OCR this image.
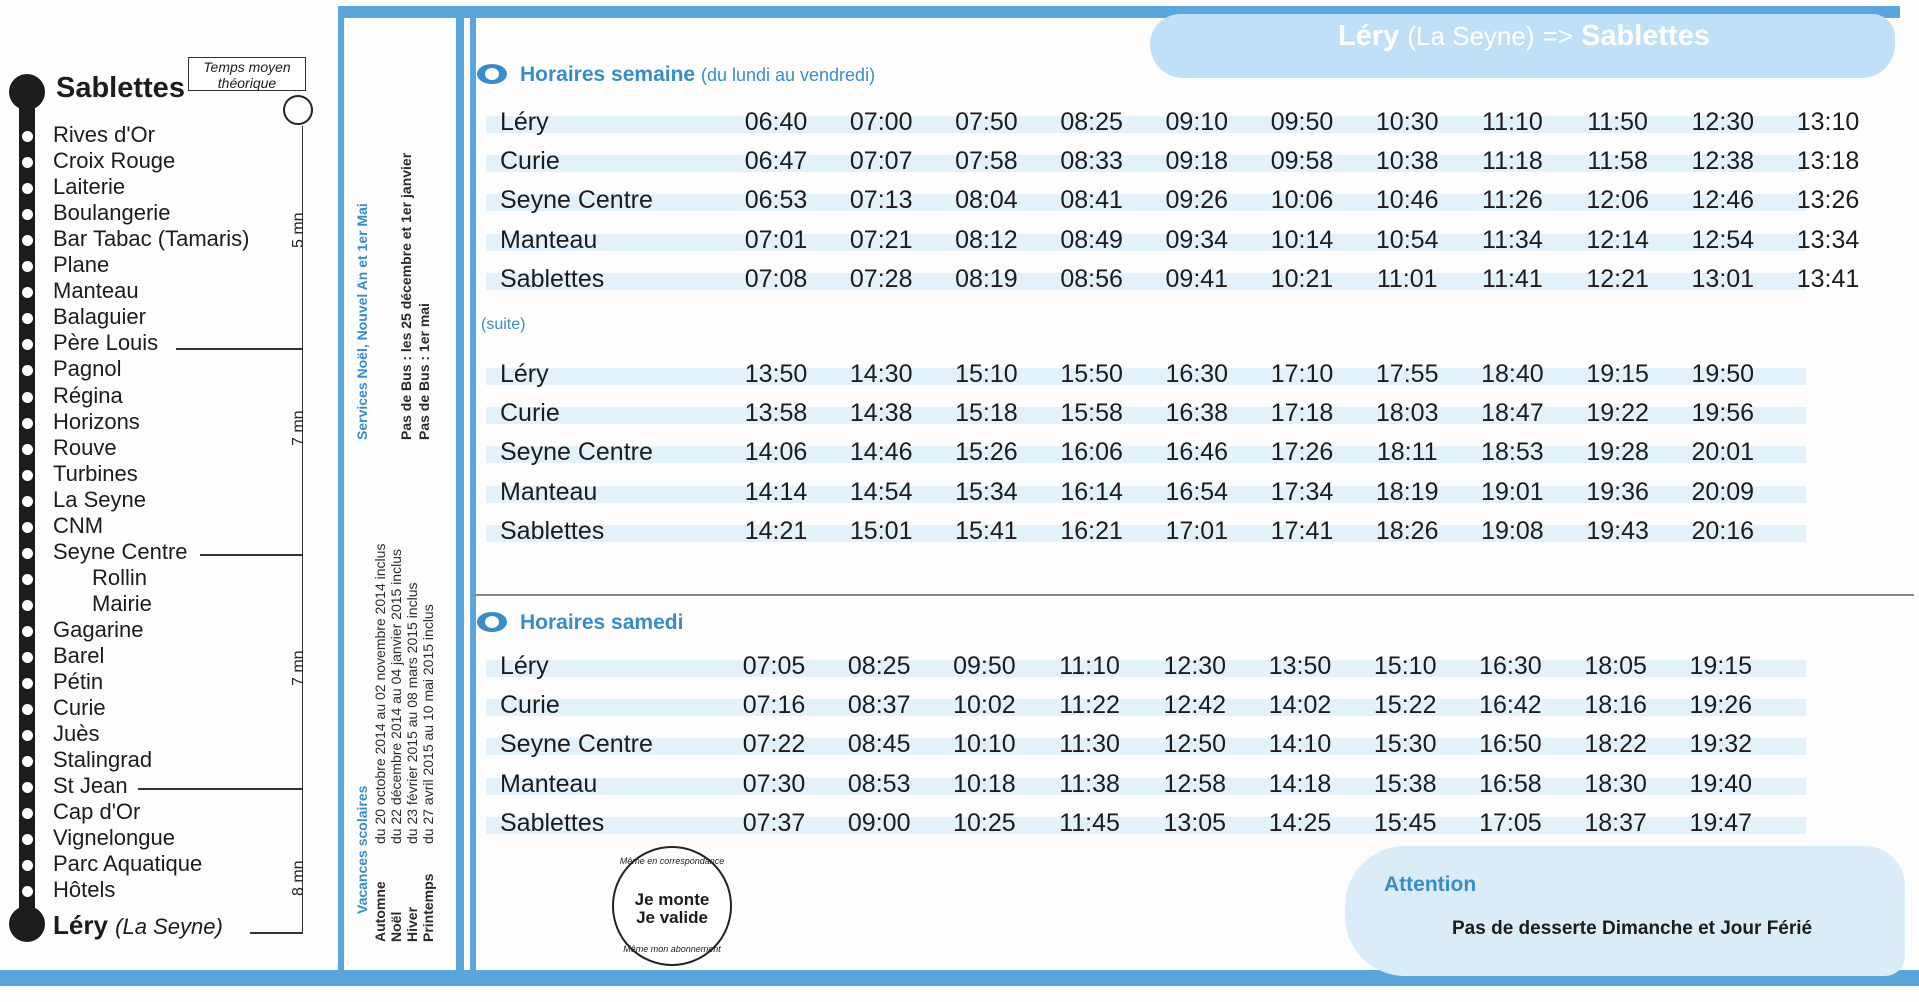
Sablettes
Temps moyen
théorique
Rives d'Or
Croix Rouge
Laiterie
Boulangerie
Bar Tabac (Tamaris)
Plane
Manteau
Balaguier
Père Louis
Pagnol
Régina
Horizons
Rouve
Turbines
La Seyne
CNM
Seyne Centre
Rollin
Mairie
Gagarine
Barel
Pétin
Curie
Juès
Stalingrad
St Jean
Cap d'Or
Vignelongue
Parc Aquatique
Hôtels
Léry (La Seyne)
5 mn
7 mn
7 mn
8 mn
Services Noël, Nouvel An et 1er Mai Pas de Bus : les 25 décembre et 1er janvier Pas de Bus : 1er mai
Vacances scolaires Automne
du 20 octobre 2014 au 02 novembre 2014 inclus
Noël
du 22 décembre 2014 au 04 janvier 2015 inclus
Hiver
du 23 février 2015 au 08 mars 2015 inclus
Printemps
du 27 avril 2015 au 10 mai 2015 inclus
Léry (La Seyne) => Sablettes
Horaires semaine (du lundi au vendredi)
Léry	06:40	07:00	07:50	08:25	09:10	09:50	10:30	11:10	11:50	12:30	13:10
Curie	06:47	07:07	07:58	08:33	09:18	09:58	10:38	11:18	11:58	12:38	13:18
Seyne Centre	06:53	07:13	08:04	08:41	09:26	10:06	10:46	11:26	12:06	12:46	13:26
Manteau	07:01	07:21	08:12	08:49	09:34	10:14	10:54	11:34	12:14	12:54	13:34
Sablettes	07:08	07:28	08:19	08:56	09:41	10:21	11:01	11:41	12:21	13:01	13:41
(suite)
Léry	13:50	14:30	15:10	15:50	16:30	17:10	17:55	18:40	19:15	19:50
Curie	13:58	14:38	15:18	15:58	16:38	17:18	18:03	18:47	19:22	19:56
Seyne Centre	14:06	14:46	15:26	16:06	16:46	17:26	18:11	18:53	19:28	20:01
Manteau	14:14	14:54	15:34	16:14	16:54	17:34	18:19	19:01	19:36	20:09
Sablettes	14:21	15:01	15:41	16:21	17:01	17:41	18:26	19:08	19:43	20:16
Horaires samedi
Léry	07:05	08:25	09:50	11:10	12:30	13:50	15:10	16:30	18:05	19:15
Curie	07:16	08:37	10:02	11:22	12:42	14:02	15:22	16:42	18:16	19:26
Seyne Centre	07:22	08:45	10:10	11:30	12:50	14:10	15:30	16:50	18:22	19:32
Manteau	07:30	08:53	10:18	11:38	12:58	14:18	15:38	16:58	18:30	19:40
Sablettes	07:37	09:00	10:25	11:45	13:05	14:25	15:45	17:05	18:37	19:47
Même en correspondance
Je monte
Je valide
Même mon abonnement
Attention
Pas de desserte Dimanche et Jour Férié
